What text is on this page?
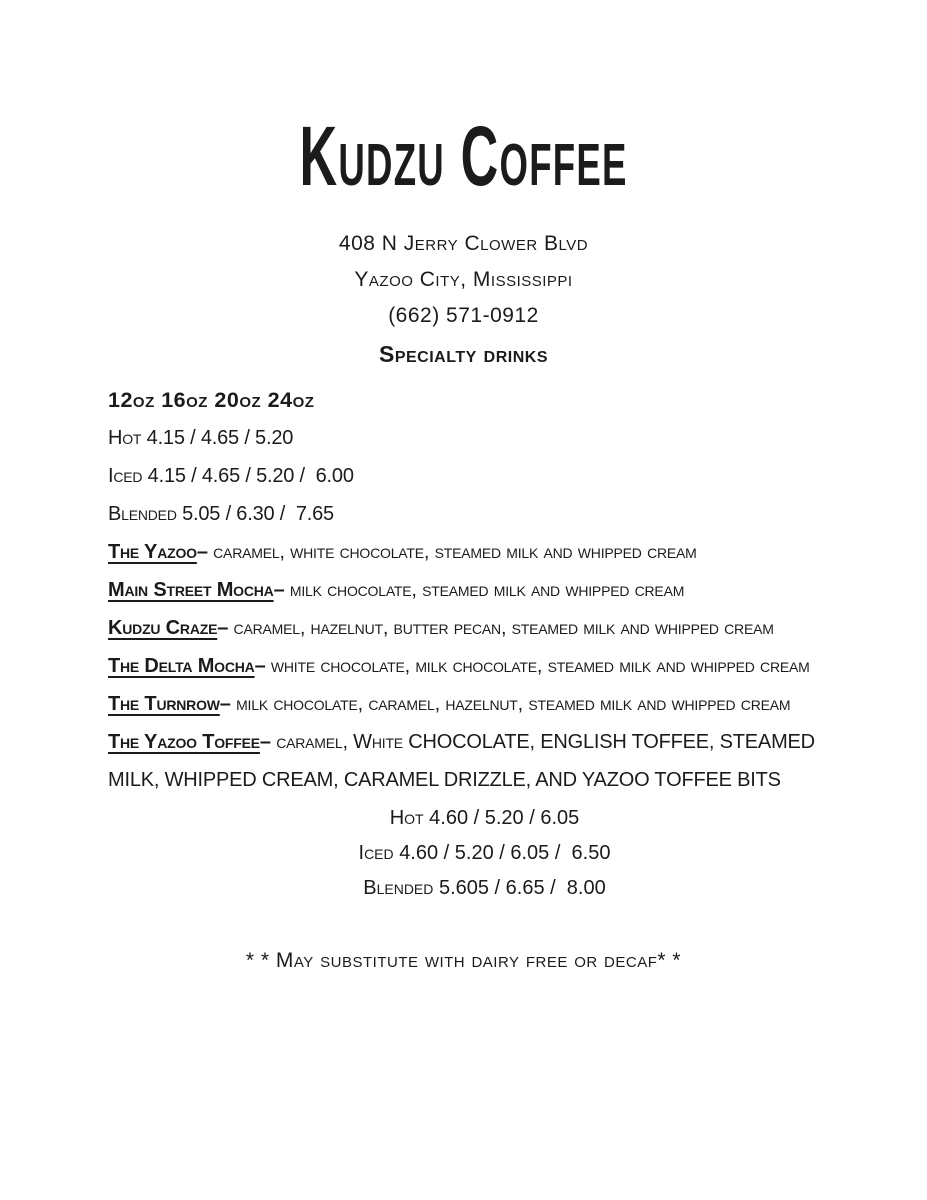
Kudzu Coffee
408 N Jerry Clower Blvd
Yazoo City, Mississippi
(662) 571-0912
Specialty drinks
12oz 16oz 20oz 24oz
Hot 4.15 / 4.65 / 5.20
Iced 4.15 / 4.65 / 5.20 /  6.00
Blended 5.05 / 6.30 /  7.65

The Yazoo– caramel, white chocolate, steamed milk and whipped cream

Main Street Mocha– milk chocolate, steamed milk and whipped cream

Kudzu Craze– caramel, hazelnut, butter pecan, steamed milk and whipped cream

The Delta Mocha– white chocolate, milk chocolate, steamed milk and whipped cream

The Turnrow– milk chocolate, caramel, hazelnut, steamed milk and whipped cream

The Yazoo Toffee– caramel, White CHOCOLATE, ENGLISH TOFFEE, STEAMED MILK, WHIPPED CREAM, CARAMEL DRIZZLE, AND YAZOO TOFFEE BITS

Hot 4.60 / 5.20 / 6.05
Iced 4.60 / 5.20 / 6.05 /  6.50
Blended 5.605 / 6.65 /  8.00
* * May substitute with dairy free or decaf* *
